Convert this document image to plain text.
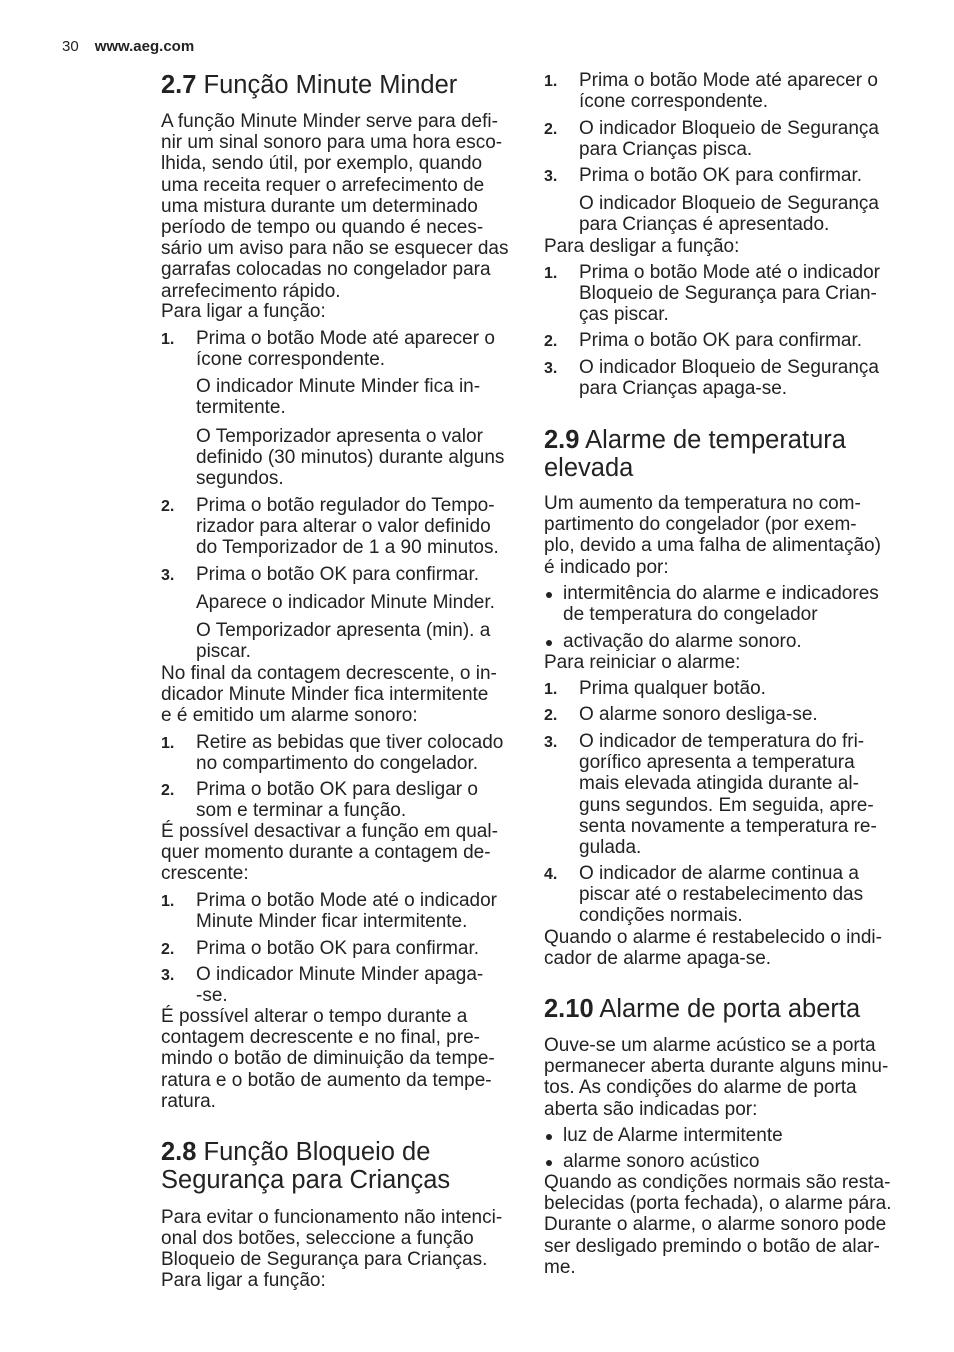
30 www.aeg.com
2.7 Função Minute Minder

A função Minute Minder serve para defi-
nir um sinal sonoro para uma hora esco-
lhida, sendo útil, por exemplo, quando
uma receita requer o arrefecimento de
uma mistura durante um determinado
período de tempo ou quando é neces-
sário um aviso para não se esquecer das
garrafas colocadas no congelador para
arrefecimento rápido.

Para ligar a função:

1.	Prima o botão Mode até aparecer o
ícone correspondente.

O indicador Minute Minder fica in-
termitente.

O Temporizador apresenta o valor
definido (30 minutos) durante alguns
segundos.

2.	Prima o botão regulador do Tempo-
rizador para alterar o valor definido
do Temporizador de 1 a 90 minutos.
3.	Prima o botão OK para confirmar.

Aparece o indicador Minute Minder.

O Temporizador apresenta (min). a
piscar.

No final da contagem decrescente, o in-
dicador Minute Minder fica intermitente
e é emitido um alarme sonoro:

1.	Retire as bebidas que tiver colocado
no compartimento do congelador.
2.	Prima o botão OK para desligar o
som e terminar a função.

É possível desactivar a função em qual-
quer momento durante a contagem de-
crescente:

1.	Prima o botão Mode até o indicador
Minute Minder ficar intermitente.
2.	Prima o botão OK para confirmar.
3.	O indicador Minute Minder apaga-
-se.

É possível alterar o tempo durante a
contagem decrescente e no final, pre-
mindo o botão de diminuição da tempe-
ratura e o botão de aumento da tempe-
ratura.

2.8 Função Bloqueio de
Segurança para Crianças

Para evitar o funcionamento não intenci-
onal dos botões, seleccione a função
Bloqueio de Segurança para Crianças.

Para ligar a função:

1.	Prima o botão Mode até aparecer o
ícone correspondente.
2.	O indicador Bloqueio de Segurança
para Crianças pisca.
3.	Prima o botão OK para confirmar.

O indicador Bloqueio de Segurança
para Crianças é apresentado.

Para desligar a função:

1.	Prima o botão Mode até o indicador
Bloqueio de Segurança para Crian-
ças piscar.
2.	Prima o botão OK para confirmar.
3.	O indicador Bloqueio de Segurança
para Crianças apaga-se.
2.9 Alarme de temperatura
elevada

Um aumento da temperatura no com-
partimento do congelador (por exem-
plo, devido a uma falha de alimentação)
é indicado por:

intermitência do alarme e indicadores
de temperatura do congelador
activação do alarme sonoro.

Para reiniciar o alarme:

1.	Prima qualquer botão.
2.	O alarme sonoro desliga-se.
3.	O indicador de temperatura do fri-
gorífico apresenta a temperatura
mais elevada atingida durante al-
guns segundos. Em seguida, apre-
senta novamente a temperatura re-
gulada.
4.	O indicador de alarme continua a
piscar até o restabelecimento das
condições normais.

Quando o alarme é restabelecido o indi-
cador de alarme apaga-se.

2.10 Alarme de porta aberta

Ouve-se um alarme acústico se a porta
permanecer aberta durante alguns minu-
tos. As condições do alarme de porta
aberta são indicadas por:

luz de Alarme intermitente
alarme sonoro acústico

Quando as condições normais são resta-
belecidas (porta fechada), o alarme pára.
Durante o alarme, o alarme sonoro pode
ser desligado premindo o botão de alar-
me.
